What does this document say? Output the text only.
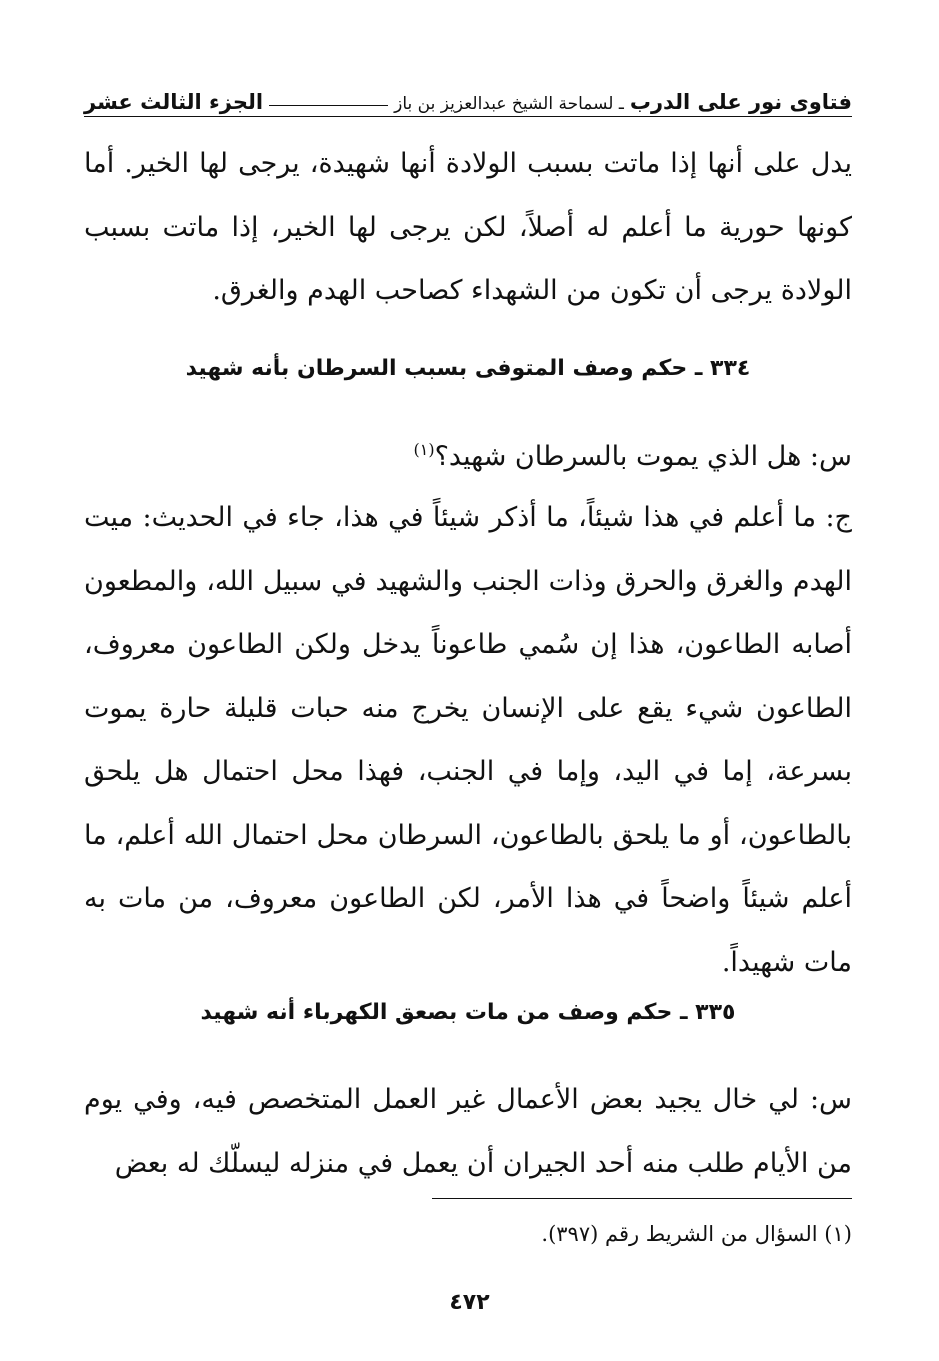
فتاوى نور على الدرب
ـ لسماحة الشيخ عبدالعزيز بن باز
الجزء الثالث عشر

يدل على أنها إذا ماتت بسبب الولادة أنها شهيدة، يرجى لها الخير. أما كونها حورية ما أعلم له أصلاً، لكن يرجى لها الخير، إذا ماتت بسبب الولادة يرجى أن تكون من الشهداء كصاحب الهدم والغرق.

٣٣٤ ـ حكم وصف المتوفى بسبب السرطان بأنه شهيد

س: هل الذي يموت بالسرطان شهيد؟$^{(١)}$

ج: ما أعلم في هذا شيئاً، ما أذكر شيئاً في هذا، جاء في الحديث: ميت الهدم والغرق والحرق وذات الجنب والشهيد في سبيل الله، والمطعون أصابه الطاعون، هذا إن سُمي طاعوناً يدخل ولكن الطاعون معروف، الطاعون شيء يقع على الإنسان يخرج منه حبات قليلة حارة يموت بسرعة، إما في اليد، وإما في الجنب، فهذا محل احتمال هل يلحق بالطاعون، أو ما يلحق بالطاعون، السرطان محل احتمال الله أعلم، ما أعلم شيئاً واضحاً في هذا الأمر، لكن الطاعون معروف، من مات به مات شهيداً.

٣٣٥ ـ حكم وصف من مات بصعق الكهرباء أنه شهيد

س: لي خال يجيد بعض الأعمال غير العمل المتخصص فيه، وفي يوم من الأيام طلب منه أحد الجيران أن يعمل في منزله ليسلّك له بعض

(١) السؤال من الشريط رقم (٣٩٧).
٤٧٢
